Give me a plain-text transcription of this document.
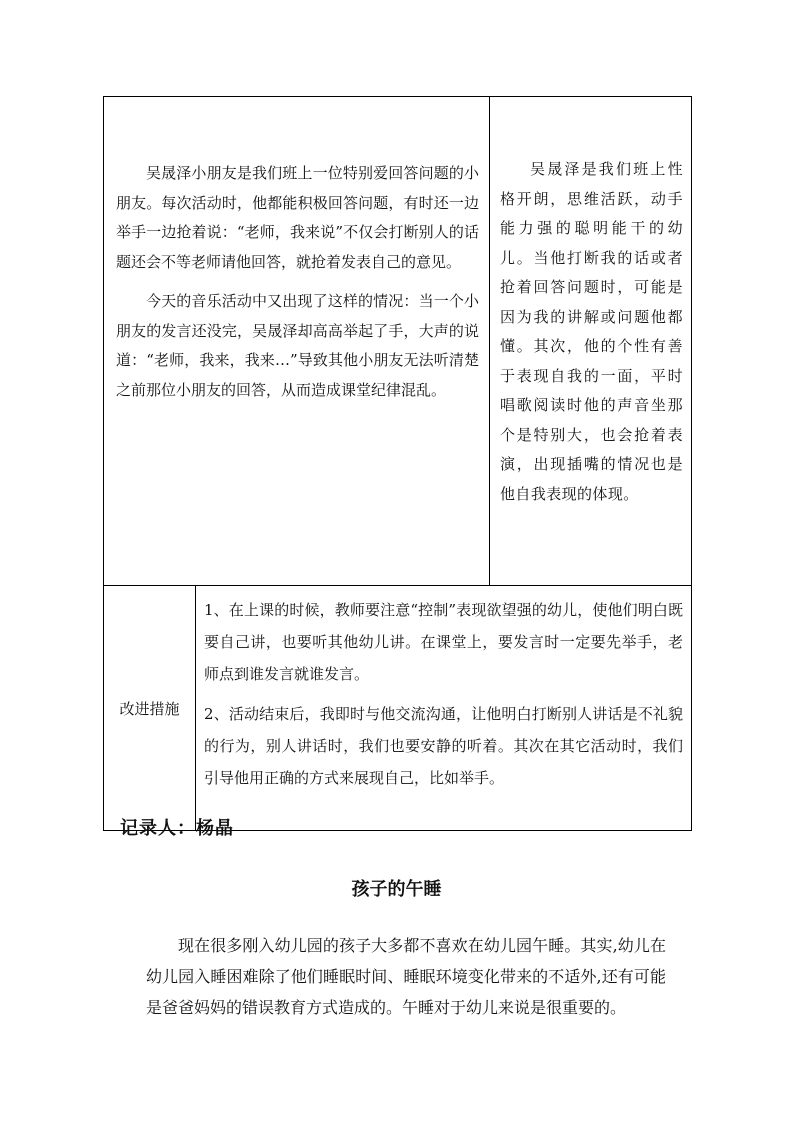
吴晟泽小朋友是我们班上一位特别爱回答问题的小朋友。每次活动时，他都能积极回答问题，有时还一边举手一边抢着说：“老师，我来说”不仅会打断别人的话题还会不等老师请他回答，就抢着发表自己的意见。

今天的音乐活动中又出现了这样的情况：当一个小朋友的发言还没完，吴晟泽却高高举起了手，大声的说道：“老师，我来，我来…”导致其他小朋友无法听清楚之前那位小朋友的回答，从而造成课堂纪律混乱。		吴晟泽是我们班上性格开朗，思维活跃，动手能力强的聪明能干的幼儿。当他打断我的话或者抢着回答问题时，可能是因为我的讲解或问题他都懂。其次，他的个性有善于表现自我的一面，平时唱歌阅读时他的声音坐那个是特别大，也会抢着表演，出现插嘴的情况也是他自我表现的体现。

改进措施	1、在上课的时候，教师要注意“控制”表现欲望强的幼儿，使他们明白既要自己讲，也要听其他幼儿讲。在课堂上，要发言时一定要先举手，老师点到谁发言就谁发言。

2、活动结束后，我即时与他交流沟通，让他明白打断别人讲话是不礼貌的行为，别人讲话时，我们也要安静的听着。其次在其它活动时，我们引导他用正确的方式来展现自己，比如举手。	

记录人：杨晶
孩子的午睡

现在很多刚入幼儿园的孩子大多都不喜欢在幼儿园午睡。其实,幼儿在幼儿园入睡困难除了他们睡眠时间、睡眠环境变化带来的不适外,还有可能是爸爸妈妈的错误教育方式造成的。午睡对于幼儿来说是很重要的。
